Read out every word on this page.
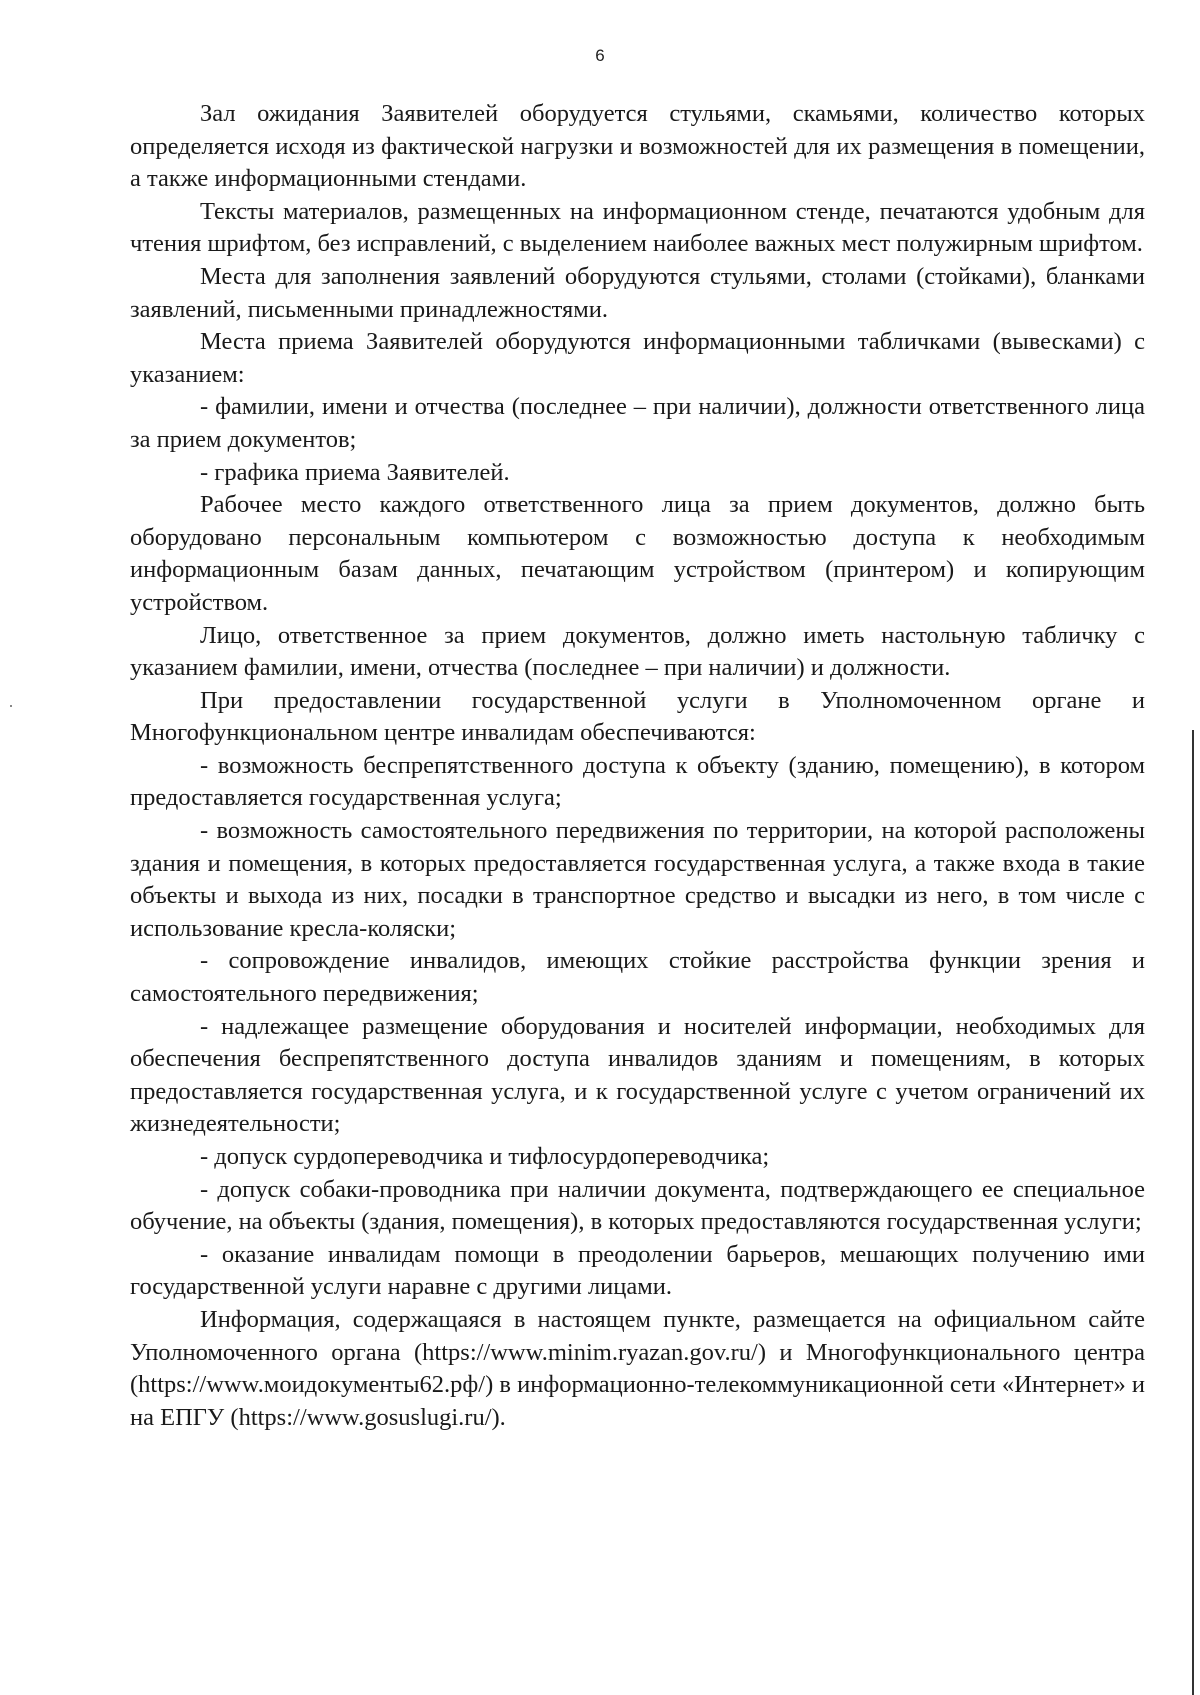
6

Зал ожидания Заявителей оборудуется стульями, скамьями, количество которых определяется исходя из фактической нагрузки и возможностей для их размещения в помещении, а также информационными стендами.

Тексты материалов, размещенных на информационном стенде, печатаются удобным для чтения шрифтом, без исправлений, с выделением наиболее важных мест полужирным шрифтом.

Места для заполнения заявлений оборудуются стульями, столами (стойками), бланками заявлений, письменными принадлежностями.

Места приема Заявителей оборудуются информационными табличками (вывесками) с указанием:

- фамилии, имени и отчества (последнее – при наличии), должности ответственного лица за прием документов;

- графика приема Заявителей.

Рабочее место каждого ответственного лица за прием документов, должно быть оборудовано персональным компьютером с возможностью доступа к необходимым информационным базам данных, печатающим устройством (принтером) и копирующим устройством.

Лицо, ответственное за прием документов, должно иметь настольную табличку с указанием фамилии, имени, отчества (последнее – при наличии) и должности.

При предоставлении государственной услуги в Уполномоченном органе и Многофункциональном центре инвалидам обеспечиваются:

- возможность беспрепятственного доступа к объекту (зданию, помещению), в котором предоставляется государственная услуга;

- возможность самостоятельного передвижения по территории, на которой расположены здания и помещения, в которых предоставляется государственная услуга, а также входа в такие объекты и выхода из них, посадки в транспортное средство и высадки из него, в том числе с использование кресла-коляски;

- сопровождение инвалидов, имеющих стойкие расстройства функции зрения и самостоятельного передвижения;

- надлежащее размещение оборудования и носителей информации, необходимых для обеспечения беспрепятственного доступа инвалидов зданиям и помещениям, в которых предоставляется государственная услуга, и к государственной услуге с учетом ограничений их жизнедеятельности;

- допуск сурдопереводчика и тифлосурдопереводчика;

- допуск собаки-проводника при наличии документа, подтверждающего ее специальное обучение, на объекты (здания, помещения), в которых предоставляются государственная услуги;

- оказание инвалидам помощи в преодолении барьеров, мешающих получению ими государственной услуги наравне с другими лицами.

Информация, содержащаяся в настоящем пункте, размещается на официальном сайте Уполномоченного органа (https://www.minim.ryazan.gov.ru/) и Многофункционального центра (https://www.моидокументы62.рф/) в информационно-телекоммуникационной сети «Интернет» и на ЕПГУ (https://www.gosuslugi.ru/).
